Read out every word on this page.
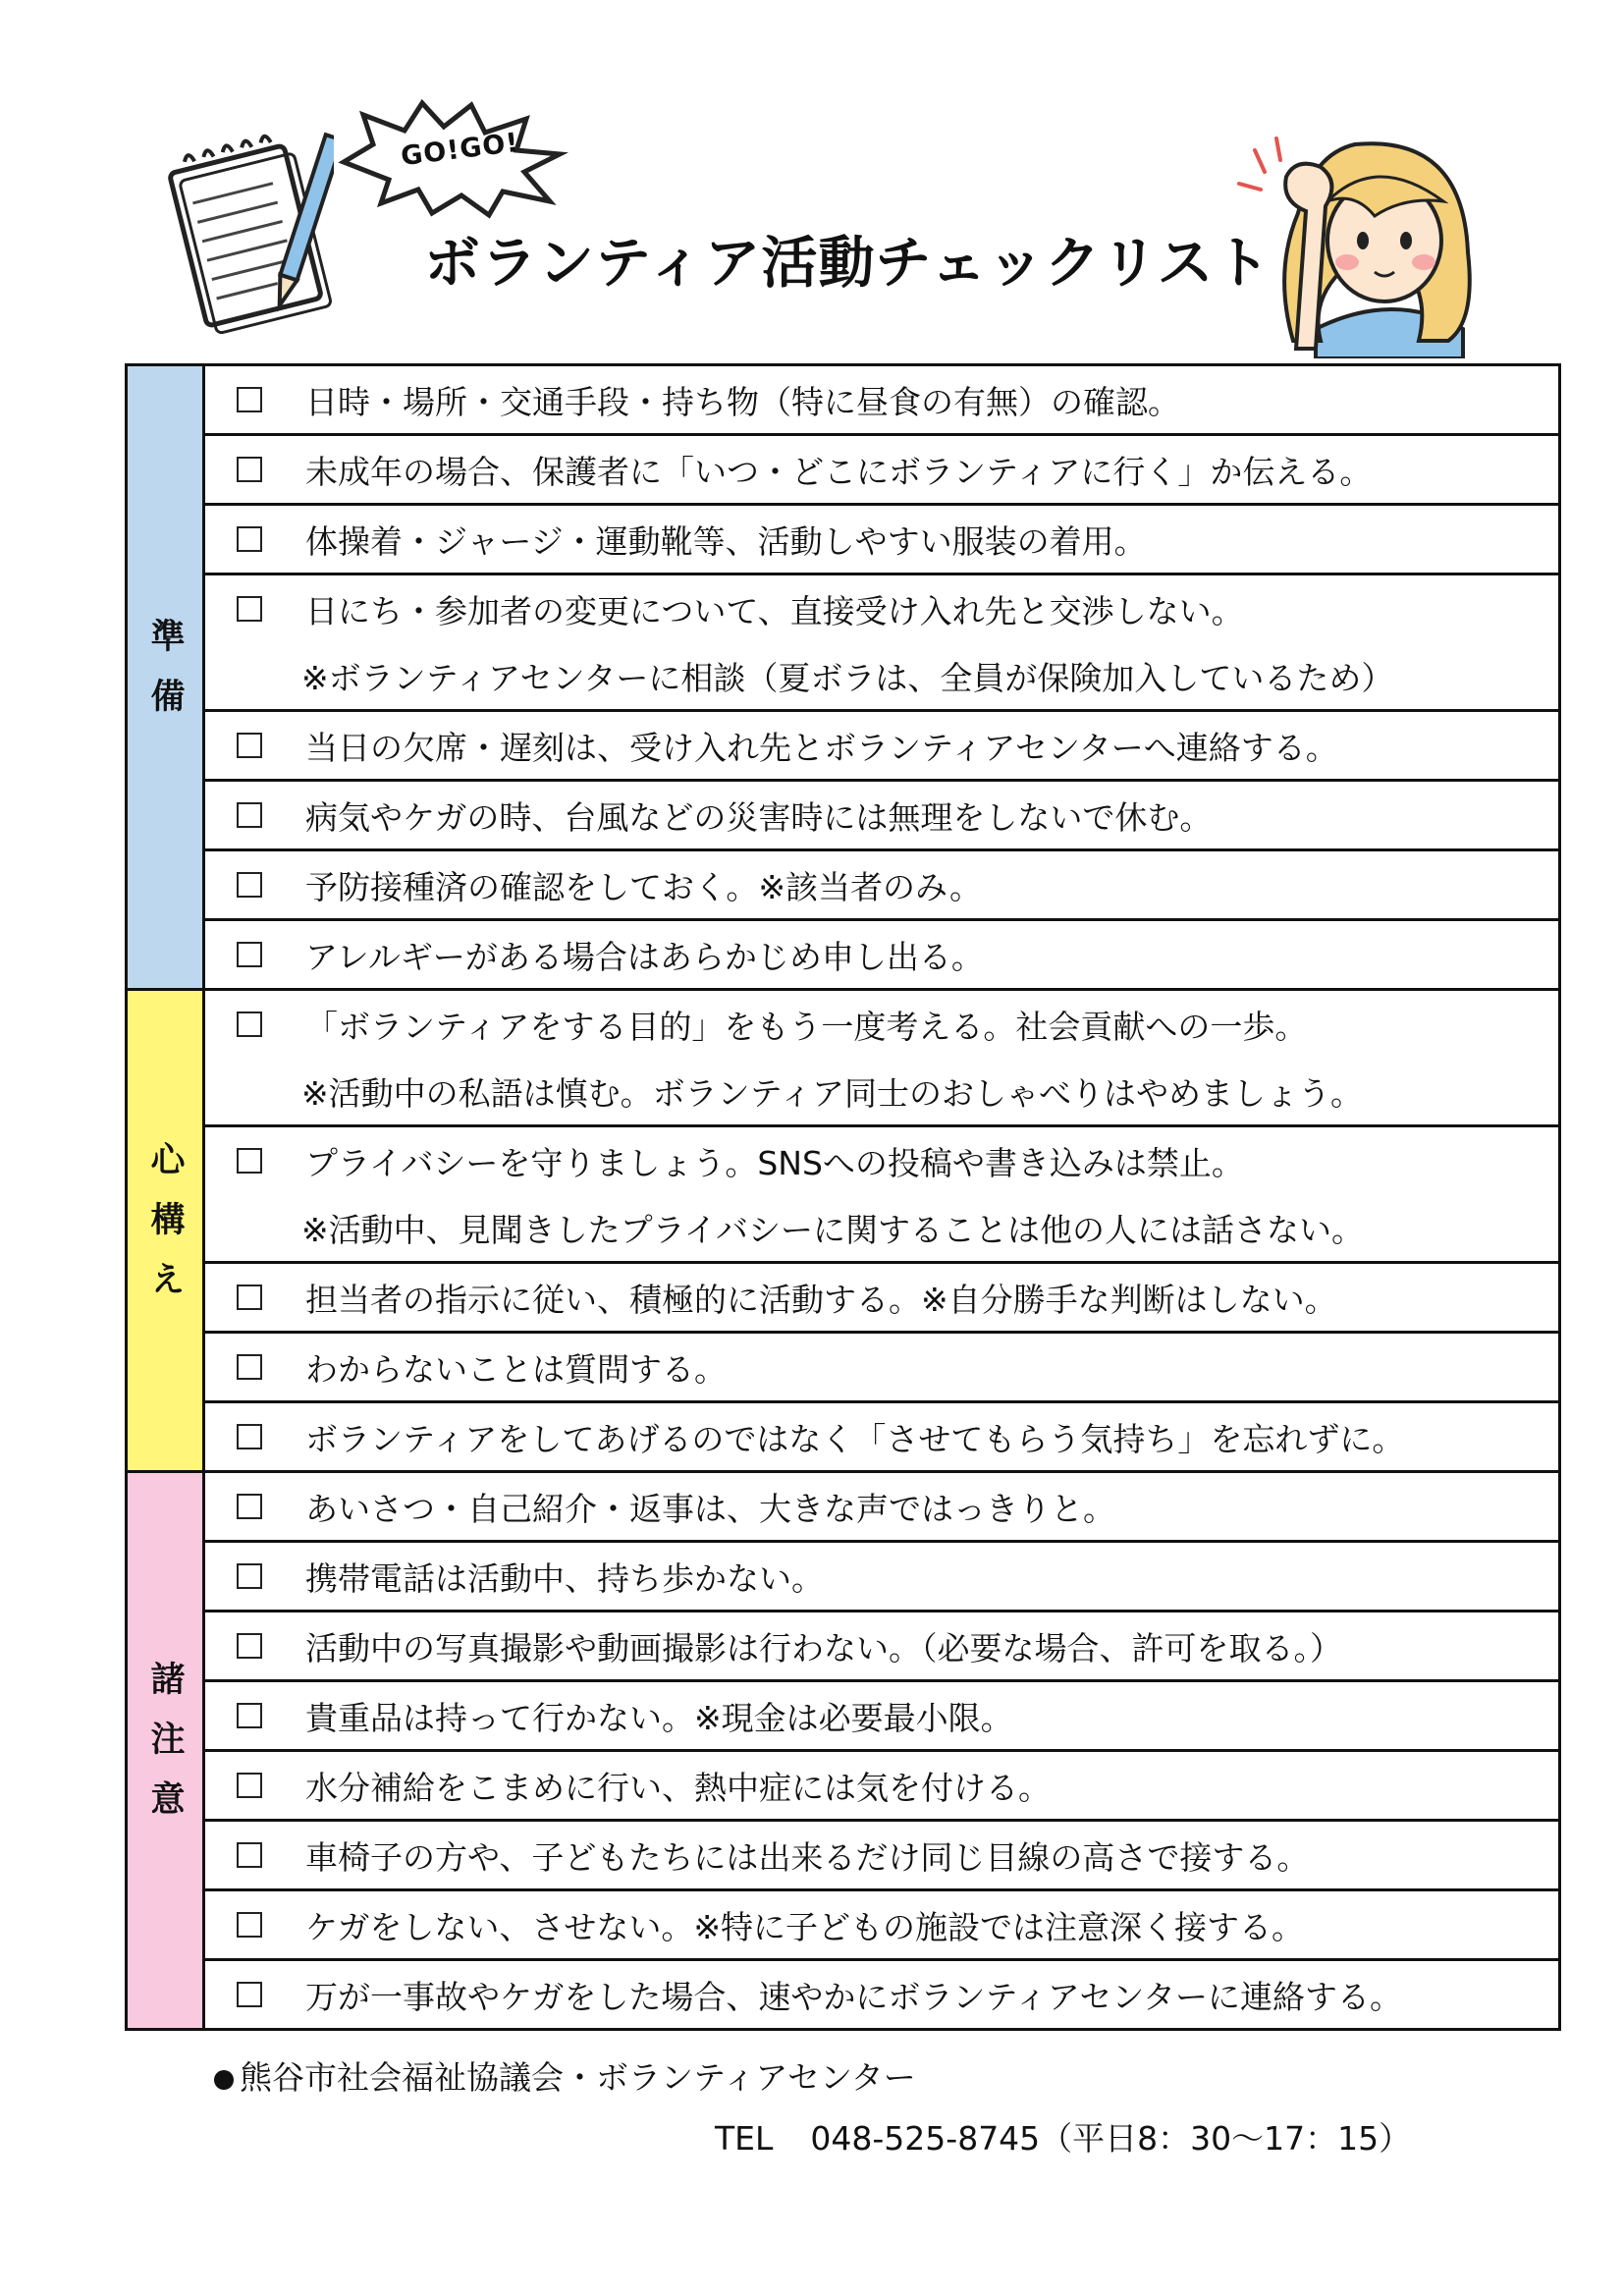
GO!GO!
ボランティア活動チェックリスト
準備
日時・場所・交通手段・持ち物（特に昼食の有無）の確認。
未成年の場合、保護者に「いつ・どこにボランティアに行く」か伝える。
体操着・ジャージ・運動靴等、活動しやすい服装の着用。
日にち・参加者の変更について、直接受け入れ先と交渉しない。
※ボランティアセンターに相談（夏ボラは、全員が保険加入しているため）
当日の欠席・遅刻は、受け入れ先とボランティアセンターへ連絡する。
病気やケガの時、台風などの災害時には無理をしないで休む。
予防接種済の確認をしておく。※該当者のみ。
アレルギーがある場合はあらかじめ申し出る。
心構え
「ボランティアをする目的」をもう一度考える。社会貢献への一歩。
※活動中の私語は慎む。ボランティア同士のおしゃべりはやめましょう。
プライバシーを守りましょう。SNSへの投稿や書き込みは禁止。
※活動中、見聞きしたプライバシーに関することは他の人には話さない。
担当者の指示に従い、積極的に活動する。※自分勝手な判断はしない。
わからないことは質問する。
ボランティアをしてあげるのではなく「させてもらう気持ち」を忘れずに。
諸注意
あいさつ・自己紹介・返事は、大きな声ではっきりと。
携帯電話は活動中、持ち歩かない。
活動中の写真撮影や動画撮影は行わない。（必要な場合、許可を取る。）
貴重品は持って行かない。※現金は必要最小限。
水分補給をこまめに行い、熱中症には気を付ける。
車椅子の方や、子どもたちには出来るだけ同じ目線の高さで接する。
ケガをしない、させない。※特に子どもの施設では注意深く接する。
万が一事故やケガをした場合、速やかにボランティアセンターに連絡する。
熊谷市社会福祉協議会・ボランティアセンター
TEL 048-525-8745（平日8：30～17：15）
